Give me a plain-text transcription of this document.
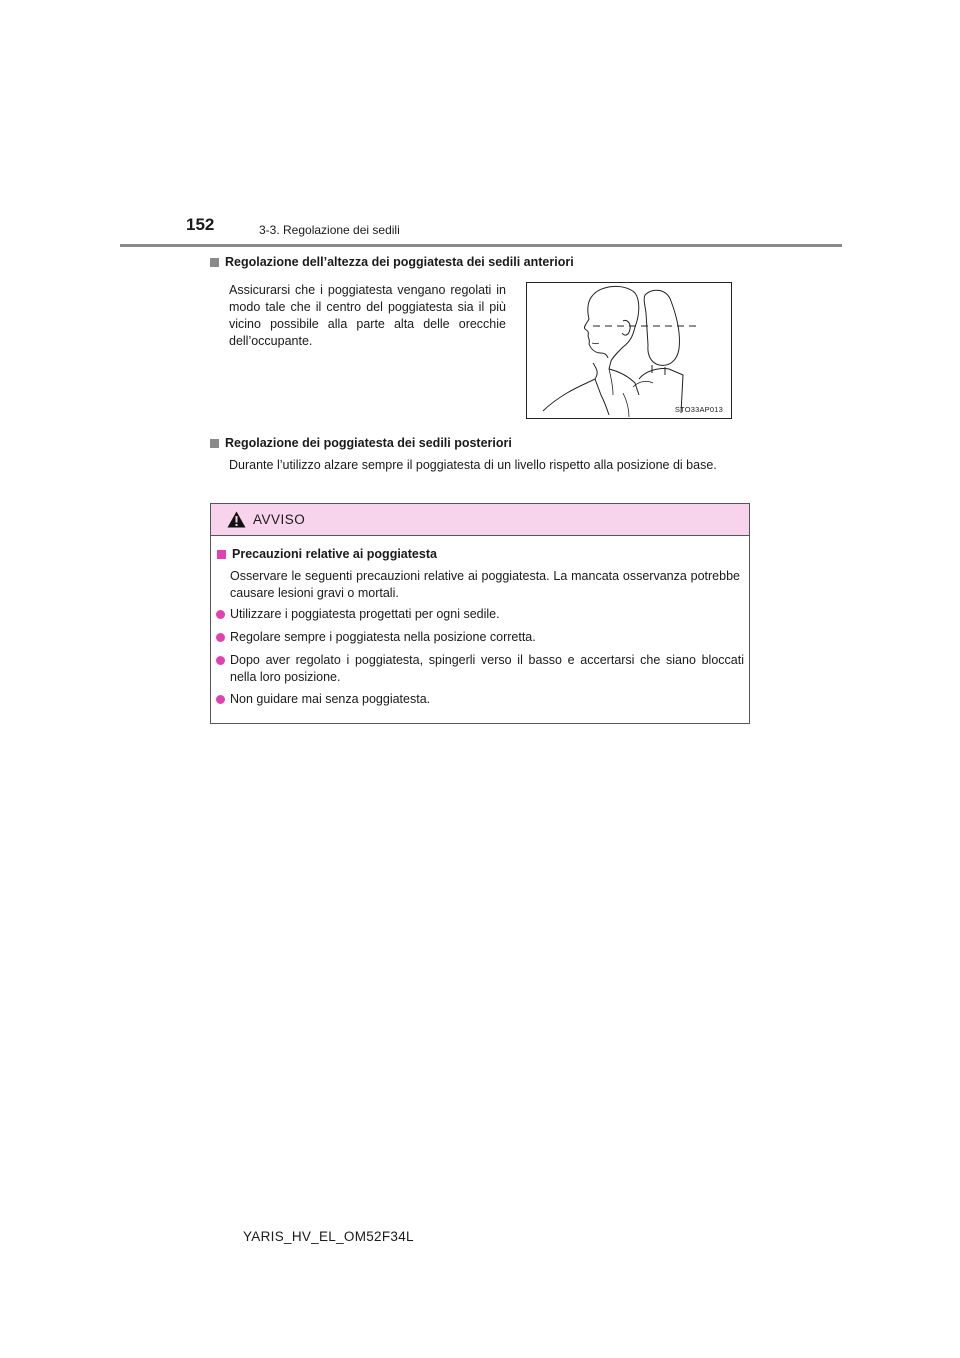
152	3-3. Regolazione dei sedili
Regolazione dell’altezza dei poggiatesta dei sedili anteriori
Assicurarsi che i poggiatesta vengano regolati in modo tale che il centro del poggiatesta sia il più vicino possibile alla parte alta delle orecchie dell’occupante.
STO33AP013
Regolazione dei poggiatesta dei sedili posteriori
Durante l’utilizzo alzare sempre il poggiatesta di un livello rispetto alla posizione di base.
AVVISO
Precauzioni relative ai poggiatesta
Osservare le seguenti precauzioni relative ai poggiatesta. La mancata osservanza potrebbe causare lesioni gravi o mortali.
Utilizzare i poggiatesta progettati per ogni sedile.
Regolare sempre i poggiatesta nella posizione corretta.
Dopo aver regolato i poggiatesta, spingerli verso il basso e accertarsi che siano bloccati nella loro posizione.
Non guidare mai senza poggiatesta.
YARIS_HV_EL_OM52F34L
